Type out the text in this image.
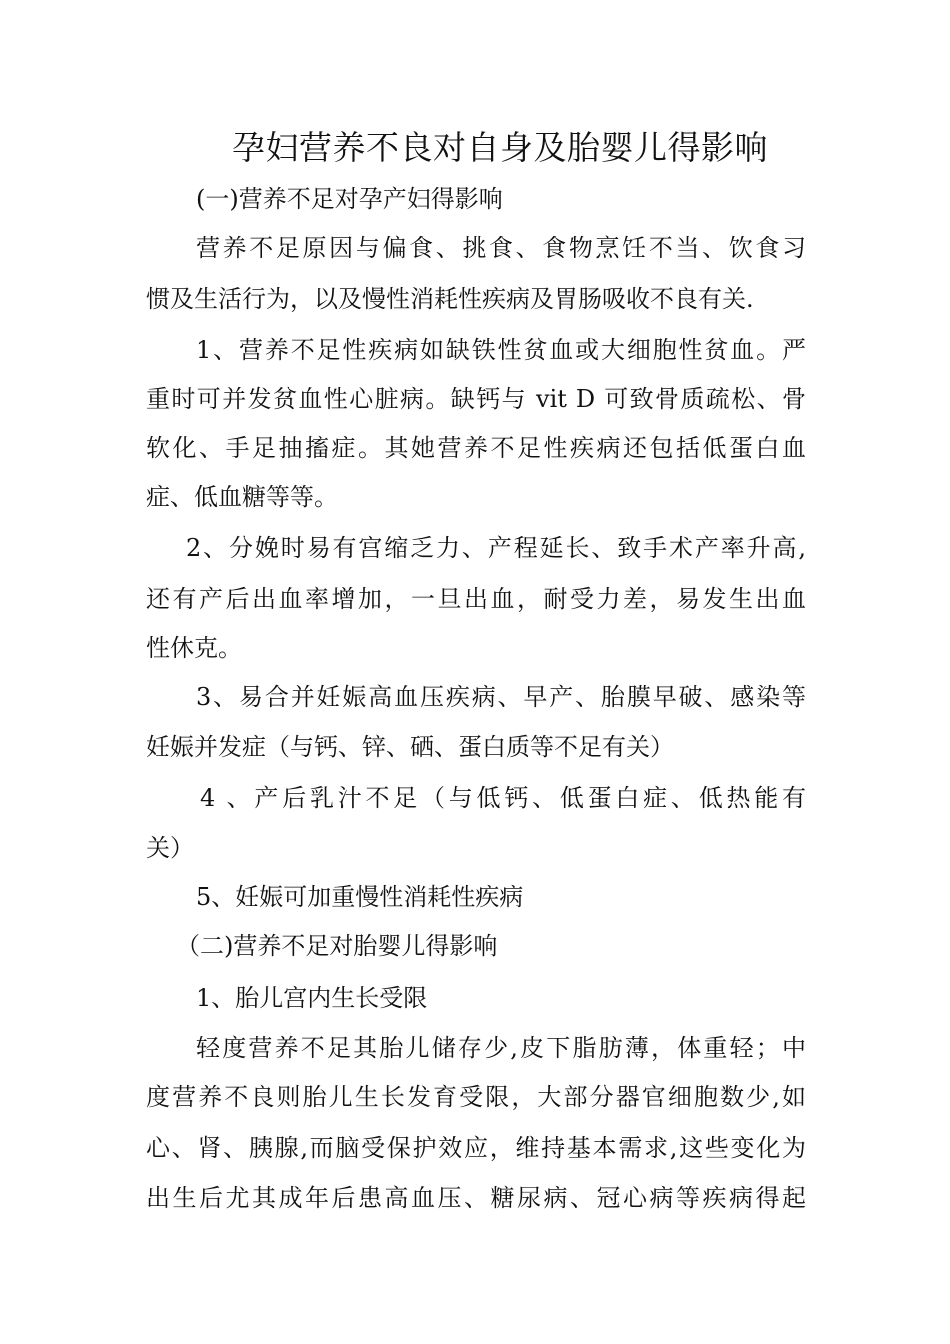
孕妇营养不良对自身及胎婴儿得影响
(一)营养不足对孕产妇得影响
营养不足原因与偏食、挑食、食物烹饪不当、饮食习
惯及生活行为，以及慢性消耗性疾病及胃肠吸收不良有关.
1、营养不足性疾病如缺铁性贫血或大细胞性贫血。严
重时可并发贫血性心脏病。缺钙与 vit D 可致骨质疏松、骨
软化、手足抽搐症。其她营养不足性疾病还包括低蛋白血
症、低血糖等等。
2、分娩时易有宫缩乏力、产程延长、致手术产率升高,
还有产后出血率增加，一旦出血，耐受力差，易发生出血
性休克。
3、易合并妊娠高血压疾病、早产、胎膜早破、感染等
妊娠并发症（与钙、锌、硒、蛋白质等不足有关）
4 、产后乳汁不足（与低钙、低蛋白症、低热能有
关）
5、妊娠可加重慢性消耗性疾病
（二)营养不足对胎婴儿得影响
1、胎儿宫内生长受限
轻度营养不足其胎儿储存少,皮下脂肪薄，体重轻；中
度营养不良则胎儿生长发育受限，大部分器官细胞数少,如
心、肾、胰腺,而脑受保护效应，维持基本需求,这些变化为
出生后尤其成年后患高血压、糖尿病、冠心病等疾病得起
